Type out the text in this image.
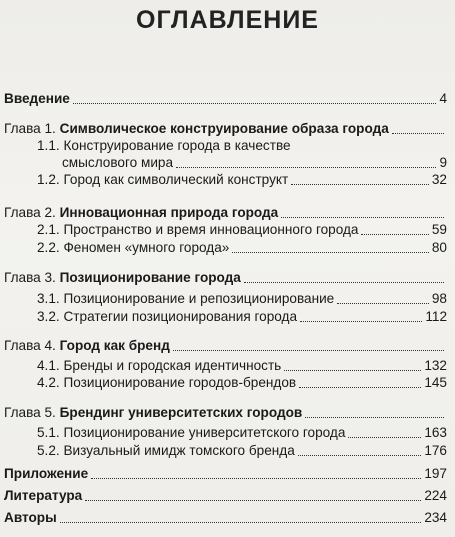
ОГЛАВЛЕНИЕ
Введение	4
Глава 1. Символическое конструирование образа города
1.1. Конструирование города в качестве
смыслового мира	9
1.2. Город как символический конструкт	32
Глава 2. Инновационная природа города
2.1. Пространство и время инновационного города	59
2.2. Феномен «умного города»	80
Глава 3. Позиционирование города
3.1. Позиционирование и репозиционирование	98
3.2. Стратегии позиционирования города	112
Глава 4. Город как бренд
4.1. Бренды и городская идентичность	132
4.2. Позиционирование городов-брендов	145
Глава 5. Брендинг университетских городов
5.1. Позиционирование университетского города	163
5.2. Визуальный имидж томского бренда	176
Приложение	197
Литература	224
Авторы	234
